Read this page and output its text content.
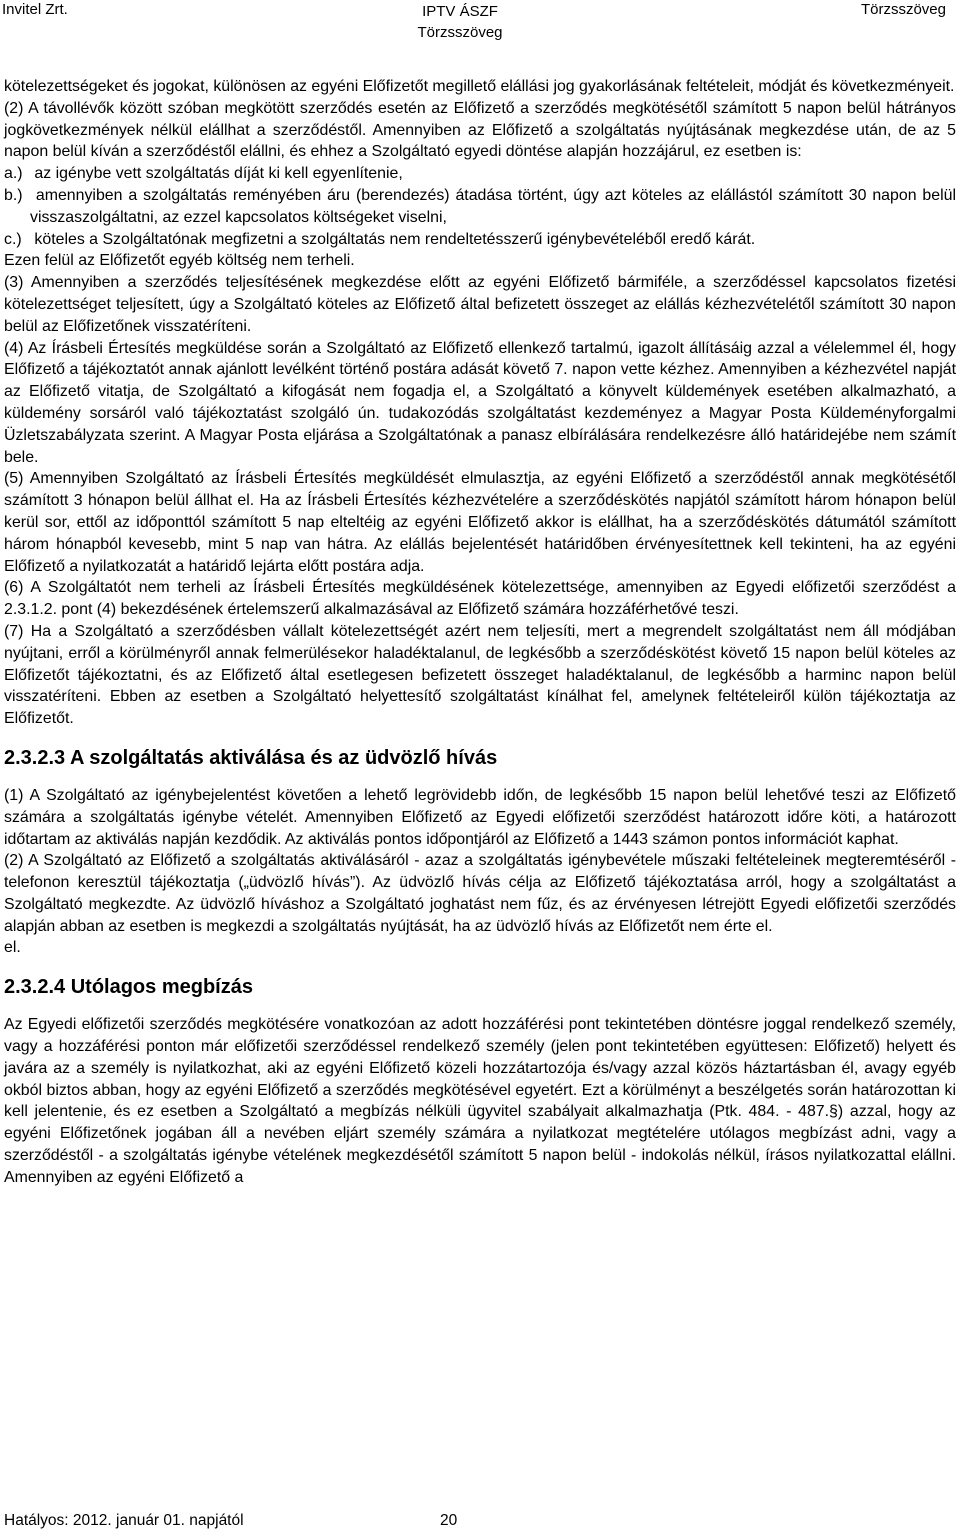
Invitel Zrt.	IPTV ÁSZF
Törzsszöveg
Törzsszöveg

kötelezettségeket és jogokat, különösen az egyéni Előfizetőt megillető elállási jog gyakorlásának feltételeit, módját és következményeit.

(2) A távollévők között szóban megkötött szerződés esetén az Előfizető a szerződés megkötésétől számított 5 napon belül hátrányos jogkövetkezmények nélkül elállhat a szerződéstől. Amennyiben az Előfizető a szolgáltatás nyújtásának megkezdése után, de az 5 napon belül kíván a szerződéstől elállni, és ehhez a Szolgáltató egyedi döntése alapján hozzájárul, ez esetben is:

a.) az igénybe vett szolgáltatás díját ki kell egyenlítenie,
b.) amennyiben a szolgáltatás reményében áru (berendezés) átadása történt, úgy azt köteles az elállástól számított 30 napon belül visszaszolgáltatni, az ezzel kapcsolatos költségeket viselni,
c.) köteles a Szolgáltatónak megfizetni a szolgáltatás nem rendeltetésszerű igénybevételéből eredő kárát.

Ezen felül az Előfizetőt egyéb költség nem terheli.

(3) Amennyiben a szerződés teljesítésének megkezdése előtt az egyéni Előfizető bármiféle, a szerződéssel kapcsolatos fizetési kötelezettséget teljesített, úgy a Szolgáltató köteles az Előfizető által befizetett összeget az elállás kézhezvételétől számított 30 napon belül az Előfizetőnek visszatéríteni.

(4) Az Írásbeli Értesítés megküldése során a Szolgáltató az Előfizető ellenkező tartalmú, igazolt állításáig azzal a vélelemmel él, hogy Előfizető a tájékoztatót annak ajánlott levélként történő postára adását követő 7. napon vette kézhez. Amennyiben a kézhezvétel napját az Előfizető vitatja, de Szolgáltató a kifogását nem fogadja el, a Szolgáltató a könyvelt küldemények esetében alkalmazható, a küldemény sorsáról való tájékoztatást szolgáló ún. tudakozódás szolgáltatást kezdeményez a Magyar Posta Küldeményforgalmi Üzletszabályzata szerint. A Magyar Posta eljárása a Szolgáltatónak a panasz elbírálására rendelkezésre álló határidejébe nem számít bele.

(5) Amennyiben Szolgáltató az Írásbeli Értesítés megküldését elmulasztja, az egyéni Előfizető a szerződéstől annak megkötésétől számított 3 hónapon belül állhat el. Ha az Írásbeli Értesítés kézhezvételére a szerződéskötés napjától számított három hónapon belül kerül sor, ettől az időponttól számított 5 nap elteltéig az egyéni Előfizető akkor is elállhat, ha a szerződéskötés dátumától számított három hónapból kevesebb, mint 5 nap van hátra. Az elállás bejelentését határidőben érvényesítettnek kell tekinteni, ha az egyéni Előfizető a nyilatkozatát a határidő lejárta előtt postára adja.

(6) A Szolgáltatót nem terheli az Írásbeli Értesítés megküldésének kötelezettsége, amennyiben az Egyedi előfizetői szerződést a 2.3.1.2. pont (4) bekezdésének értelemszerű alkalmazásával az Előfizető számára hozzáférhetővé teszi.

(7) Ha a Szolgáltató a szerződésben vállalt kötelezettségét azért nem teljesíti, mert a megrendelt szolgáltatást nem áll módjában nyújtani, erről a körülményről annak felmerülésekor haladéktalanul, de legkésőbb a szerződéskötést követő 15 napon belül köteles az Előfizetőt tájékoztatni, és az Előfizető által esetlegesen befizetett összeget haladéktalanul, de legkésőbb a harminc napon belül visszatéríteni. Ebben az esetben a Szolgáltató helyettesítő szolgáltatást kínálhat fel, amelynek feltételeiről külön tájékoztatja az Előfizetőt.

2.3.2.3 A szolgáltatás aktiválása és az üdvözlő hívás

(1) A Szolgáltató az igénybejelentést követően a lehető legrövidebb időn, de legkésőbb 15 napon belül lehetővé teszi az Előfizető számára a szolgáltatás igénybe vételét. Amennyiben Előfizető az Egyedi előfizetői szerződést határozott időre köti, a határozott időtartam az aktiválás napján kezdődik. Az aktiválás pontos időpontjáról az Előfizető a 1443 számon pontos információt kaphat.

(2) A Szolgáltató az Előfizető a szolgáltatás aktiválásáról - azaz a szolgáltatás igénybevétele műszaki feltételeinek megteremtéséről - telefonon keresztül tájékoztatja („üdvözlő hívás”). Az üdvözlő hívás célja az Előfizető tájékoztatása arról, hogy a szolgáltatást a Szolgáltató megkezdte. Az üdvözlő híváshoz a Szolgáltató joghatást nem fűz, és az érvényesen létrejött Egyedi előfizetői szerződés alapján abban az esetben is megkezdi a szolgáltatás nyújtását, ha az üdvözlő hívás az Előfizetőt nem érte el.

el.

2.3.2.4 Utólagos megbízás

Az Egyedi előfizetői szerződés megkötésére vonatkozóan az adott hozzáférési pont tekintetében döntésre joggal rendelkező személy, vagy a hozzáférési ponton már előfizetői szerződéssel rendelkező személy (jelen pont tekintetében együttesen: Előfizető) helyett és javára az a személy is nyilatkozhat, aki az egyéni Előfizető közeli hozzátartozója és/vagy azzal közös háztartásban él, avagy egyéb okból biztos abban, hogy az egyéni Előfizető a szerződés megkötésével egyetért. Ezt a körülményt a beszélgetés során határozottan ki kell jelentenie, és ez esetben a Szolgáltató a megbízás nélküli ügyvitel szabályait alkalmazhatja (Ptk. 484. - 487.§) azzal, hogy az egyéni Előfizetőnek jogában áll a nevében eljárt személy számára a nyilatkozat megtételére utólagos megbízást adni, vagy a szerződéstől - a szolgáltatás igénybe vételének megkezdésétől számított 5 napon belül - indokolás nélkül, írásos nyilatkozattal elállni. Amennyiben az egyéni Előfizető a

Hatályos: 2012. január 01. napjától	20
